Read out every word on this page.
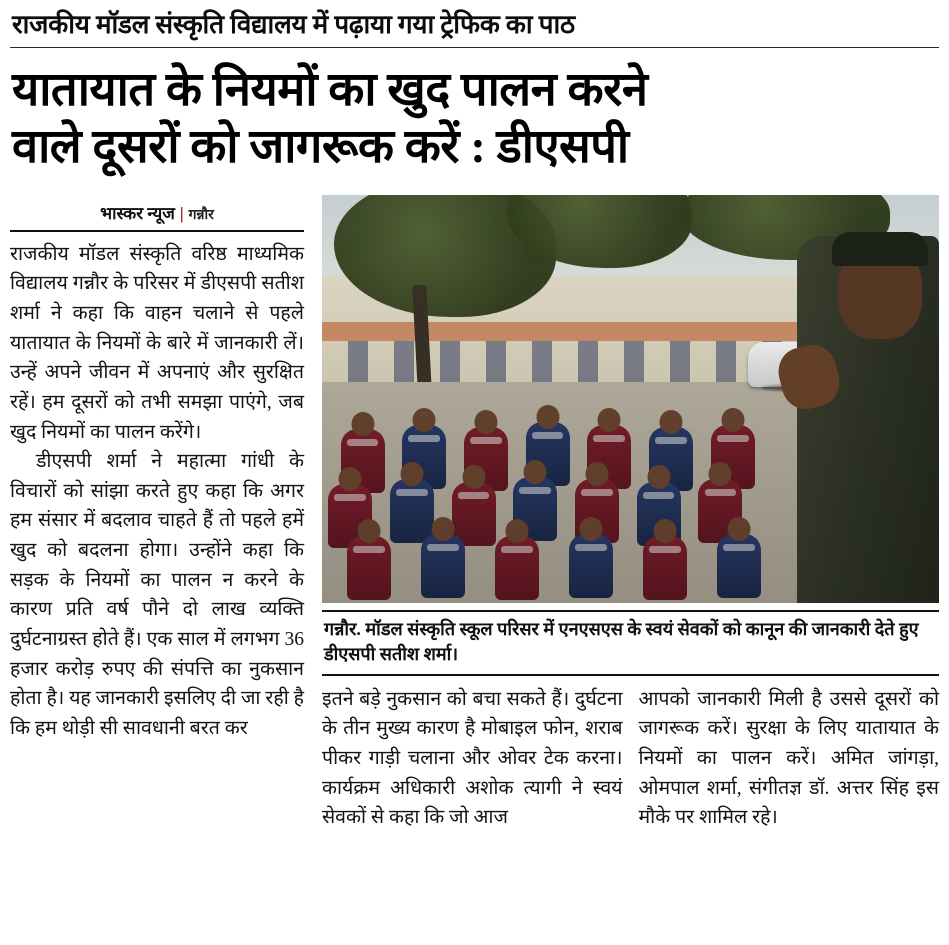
राजकीय मॉडल संस्कृति विद्यालय में पढ़ाया गया ट्रेफिक का पाठ
यातायात के नियमों का खुद पालन करने
वाले दूसरों को जागरूक करें : डीएसपी
भास्कर न्यूज | गन्नौर

राजकीय मॉडल संस्कृति वरिष्ठ माध्यमिक विद्यालय गन्नौर के परिसर में डीएसपी सतीश शर्मा ने कहा कि वाहन चलाने से पहले यातायात के नियमों के बारे में जानकारी लें। उन्हें अपने जीवन में अपनाएं और सुरक्षित रहें। हम दूसरों को तभी समझा पाएंगे, जब खुद नियमों का पालन करेंगे।

डीएसपी शर्मा ने महात्मा गांधी के विचारों को सांझा करते हुए कहा कि अगर हम संसार में बदलाव चाहते हैं तो पहले हमें खुद को बदलना होगा। उन्होंने कहा कि सड़क के नियमों का पालन न करने के कारण प्रति वर्ष पौने दो लाख व्यक्ति दुर्घटनाग्रस्त होते हैं। एक साल में लगभग 36 हजार करोड़ रुपए की संपत्ति का नुकसान होता है। यह जानकारी इसलिए दी जा रही है कि हम थोड़ी सी सावधानी बरत कर

गन्नौर. मॉडल संस्कृति स्कूल परिसर में एनएसएस के स्वयं सेवकों को कानून की जानकारी देते हुए डीएसपी सतीश शर्मा।
इतने बड़े नुकसान को बचा सकते हैं। दुर्घटना के तीन मुख्य कारण है मोबाइल फोन, शराब पीकर गाड़ी चलाना और ओवर टेक करना। कार्यक्रम अधिकारी अशोक त्यागी ने स्वयं सेवकों से कहा कि जो आज
आपको जानकारी मिली है उससे दूसरों को जागरूक करें। सुरक्षा के लिए यातायात के नियमों का पालन करें। अमित जांगड़ा, ओमपाल शर्मा, संगीतज्ञ डॉ. अत्तर सिंह इस मौके पर शामिल रहे।
